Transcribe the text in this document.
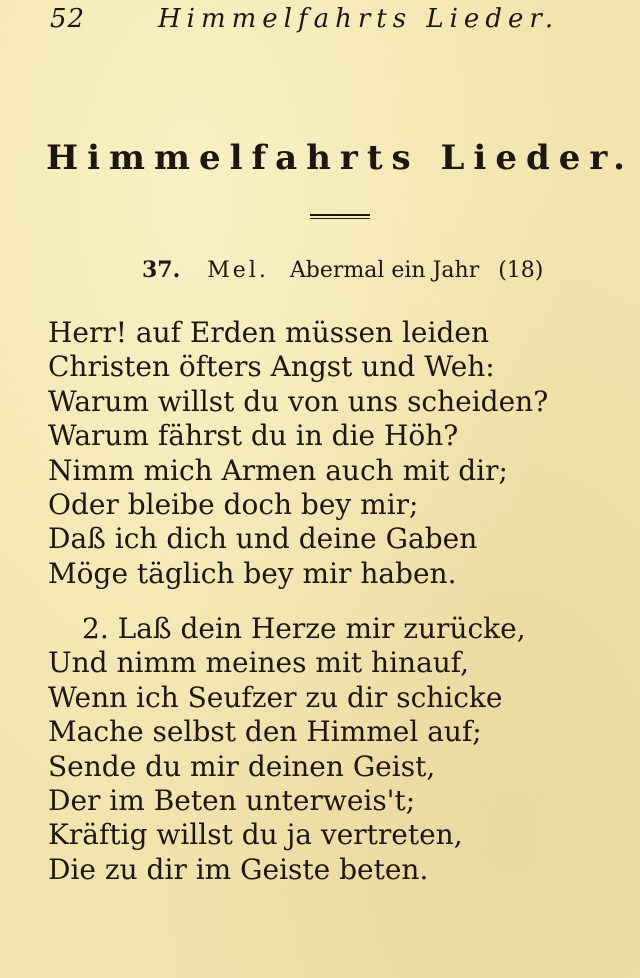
52	Himmelfahrts Lieder.
Himmelfahrts Lieder.
37. Mel. Abermal ein Jahr (18)
Herr! auf Erden müssen leiden
Christen öfters Angst und Weh:
Warum willst du von uns scheiden?
Warum fährst du in die Höh?
Nimm mich Armen auch mit dir;
Oder bleibe doch bey mir;
Daß ich dich und deine Gaben
Möge täglich bey mir haben.
2. Laß dein Herze mir zurücke,
Und nimm meines mit hinauf,
Wenn ich Seufzer zu dir schicke
Mache selbst den Himmel auf;
Sende du mir deinen Geist,
Der im Beten unterweis't;
Kräftig willst du ja vertreten,
Die zu dir im Geiste beten.
